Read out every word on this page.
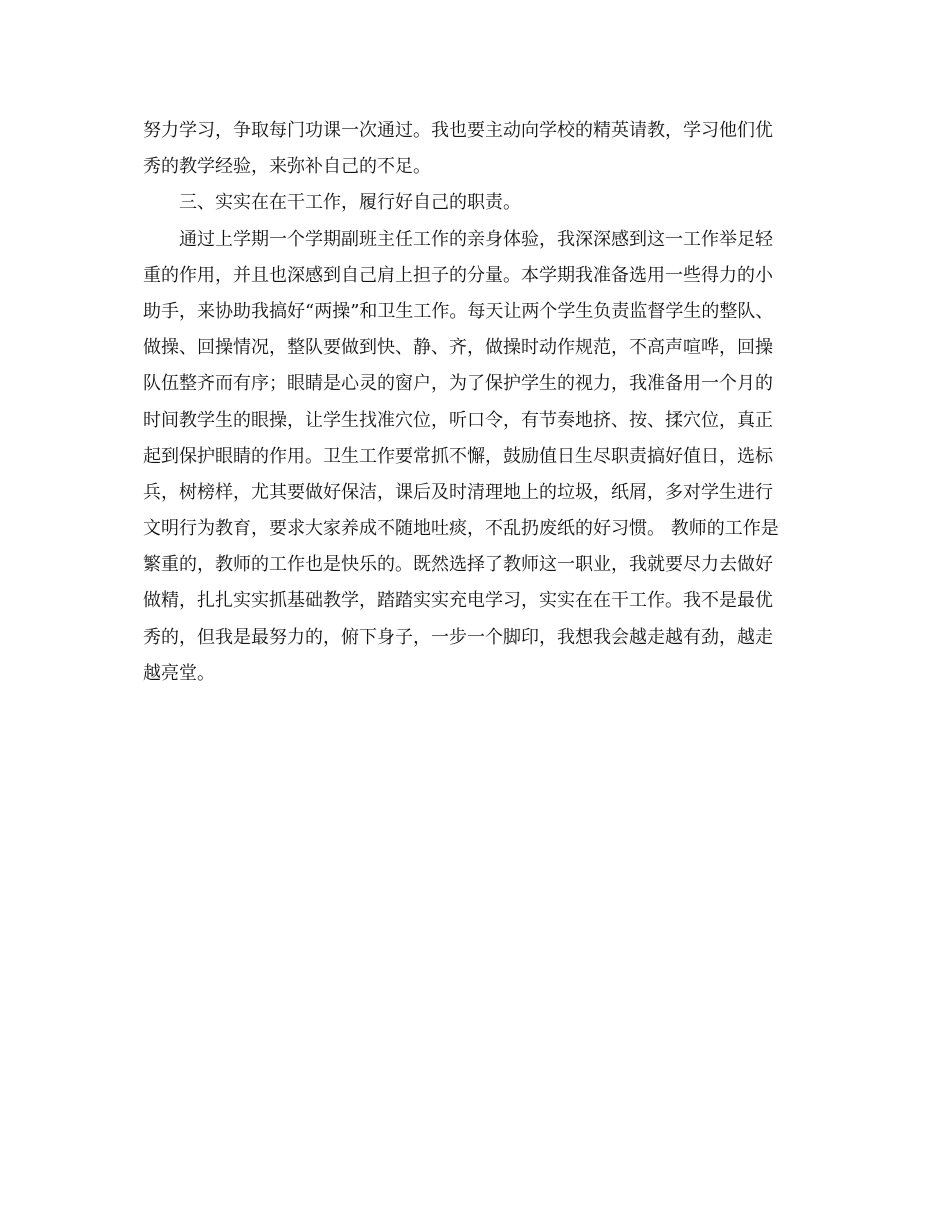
努力学习，争取每门功课一次通过。我也要主动向学校的精英请教，学习他们优
秀的教学经验，来弥补自己的不足。
三、实实在在干工作，履行好自己的职责。
通过上学期一个学期副班主任工作的亲身体验，我深深感到这一工作举足轻
重的作用，并且也深感到自己肩上担子的分量。本学期我准备选用一些得力的小
助手，来协助我搞好“两操”和卫生工作。每天让两个学生负责监督学生的整队、
做操、回操情况，整队要做到快、静、齐，做操时动作规范，不高声喧哗，回操
队伍整齐而有序；眼睛是心灵的窗户，为了保护学生的视力，我准备用一个月的
时间教学生的眼操，让学生找准穴位，听口令，有节奏地挤、按、揉穴位，真正
起到保护眼睛的作用。卫生工作要常抓不懈，鼓励值日生尽职责搞好值日，选标
兵，树榜样，尤其要做好保洁，课后及时清理地上的垃圾，纸屑，多对学生进行
文明行为教育，要求大家养成不随地吐痰，不乱扔废纸的好习惯。 教师的工作是
繁重的，教师的工作也是快乐的。既然选择了教师这一职业，我就要尽力去做好
做精，扎扎实实抓基础教学，踏踏实实充电学习，实实在在干工作。我不是最优
秀的，但我是最努力的，俯下身子，一步一个脚印，我想我会越走越有劲，越走
越亮堂。
